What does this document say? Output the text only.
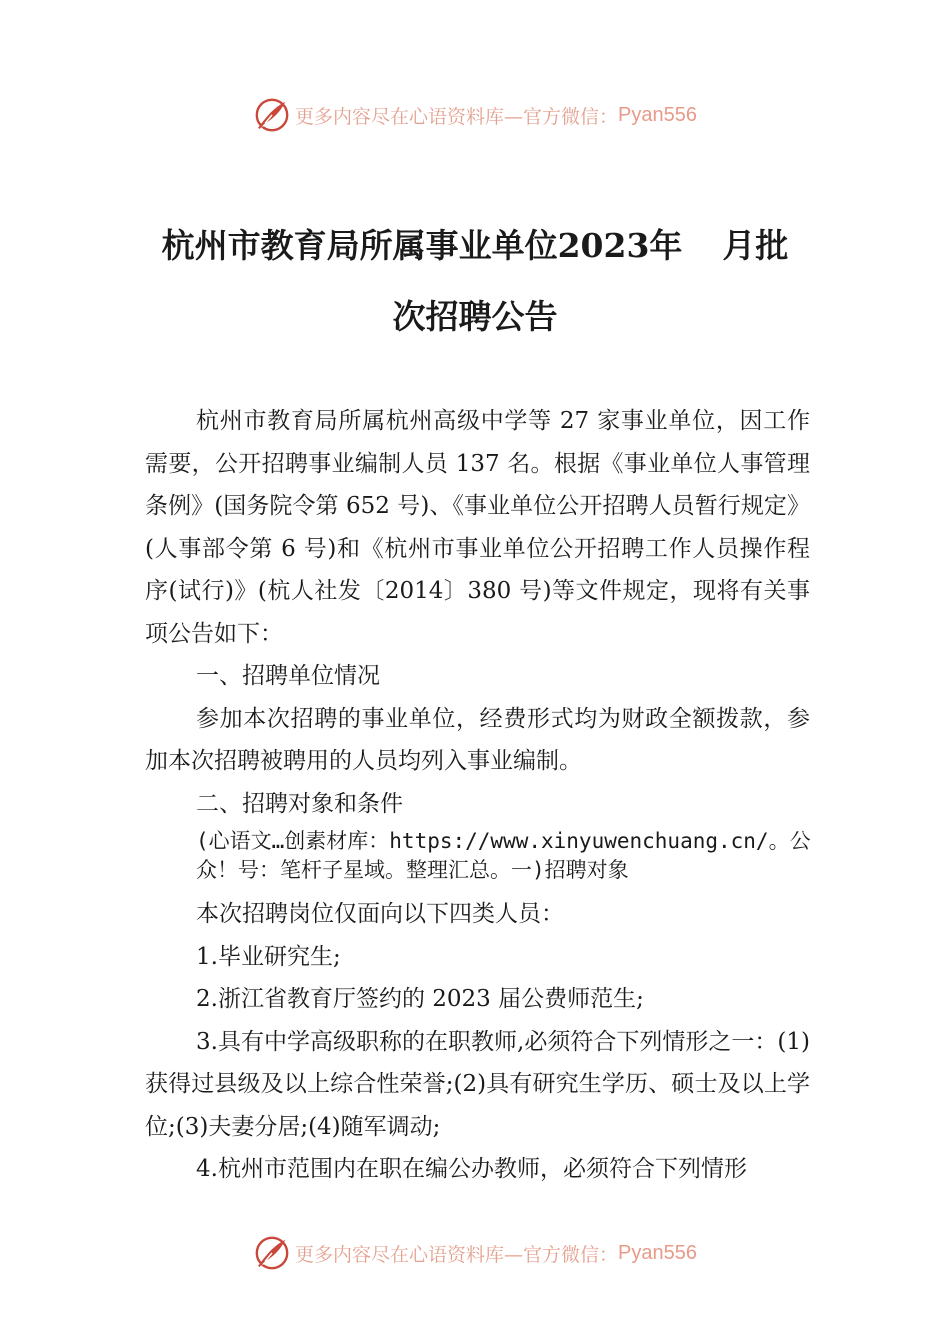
更多内容尽在心语资料库—官方微信： Pyan556
杭州市教育局所属事业单位2023年 月批
次招聘公告

杭州市教育局所属杭州高级中学等 27 家事业单位，因工作需要，公开招聘事业编制人员 137 名。根据《事业单位人事管理条例》(国务院令第 652 号)、《事业单位公开招聘人员暂行规定》(人事部令第 6 号)和《杭州市事业单位公开招聘工作人员操作程序(试行)》(杭人社发〔2014〕380 号)等文件规定，现将有关事项公告如下：

一、招聘单位情况

参加本次招聘的事业单位，经费形式均为财政全额拨款，参加本次招聘被聘用的人员均列入事业编制。

二、招聘对象和条件

(心语文…创素材库：https://www.xinyuwenchuang.cn/。公众！号：笔杆子星域。整理汇总。一)招聘对象

本次招聘岗位仅面向以下四类人员：

1.毕业研究生;

2.浙江省教育厅签约的 2023 届公费师范生;

3.具有中学高级职称的在职教师,必须符合下列情形之一：(1)获得过县级及以上综合性荣誉;(2)具有研究生学历、硕士及以上学位;(3)夫妻分居;(4)随军调动;

4.杭州市范围内在职在编公办教师，必须符合下列情形

更多内容尽在心语资料库—官方微信： Pyan556
